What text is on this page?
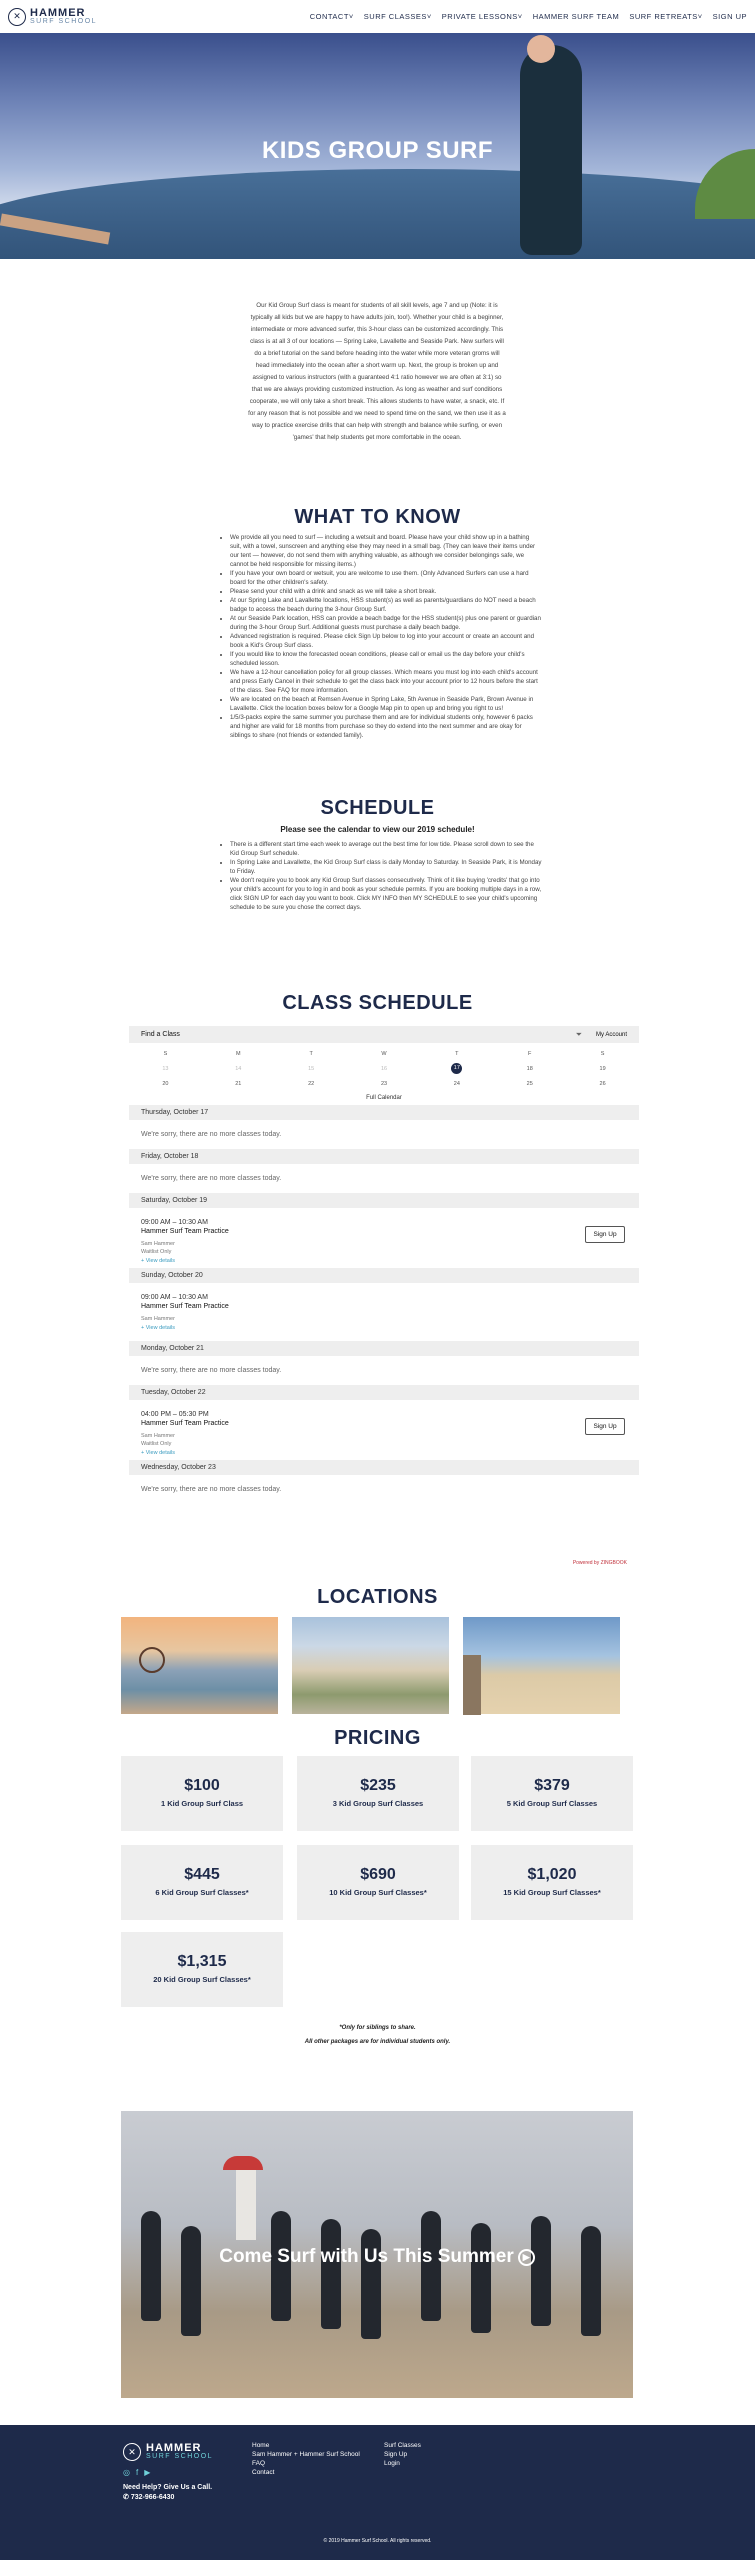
✕ HAMMER
SURF SCHOOL	CONTACT˅ SURF CLASSES˅ PRIVATE LESSONS˅ HAMMER SURF TEAM SURF RETREATS˅ SIGN UP
KIDS GROUP SURF

Our Kid Group Surf class is meant for students of all skill levels, age 7 and up (Note: it is typically all kids but we are happy to have adults join, too!). Whether your child is a beginner, intermediate or more advanced surfer, this 3-hour class can be customized accordingly. This class is at all 3 of our locations — Spring Lake, Lavallette and Seaside Park. New surfers will do a brief tutorial on the sand before heading into the water while more veteran groms will head immediately into the ocean after a short warm up. Next, the group is broken up and assigned to various instructors (with a guaranteed 4:1 ratio however we are often at 3:1) so that we are always providing customized instruction. As long as weather and surf conditions cooperate, we will only take a short break. This allows students to have water, a snack, etc. If for any reason that is not possible and we need to spend time on the sand, we then use it as a way to practice exercise drills that can help with strength and balance while surfing, or even 'games' that help students get more comfortable in the ocean.

WHAT TO KNOW
• We provide all you need to surf — including a wetsuit and board. Please have your child show up in a bathing suit, with a towel, sunscreen and anything else they may need in a small bag. (They can leave their items under our tent — however, do not send them with anything valuable, as although we consider belongings safe, we cannot be held responsible for missing items.)
• If you have your own board or wetsuit, you are welcome to use them. (Only Advanced Surfers can use a hard board for the other children's safety.
• Please send your child with a drink and snack as we will take a short break.
• At our Spring Lake and Lavallette locations, HSS student(s) as well as parents/guardians do NOT need a beach badge to access the beach during the 3-hour Group Surf.
• At our Seaside Park location, HSS can provide a beach badge for the HSS student(s) plus one parent or guardian during the 3-hour Group Surf. Additional guests must purchase a daily beach badge.
• Advanced registration is required. Please click Sign Up below to log into your account or create an account and book a Kid's Group Surf class.
• If you would like to know the forecasted ocean conditions, please call or email us the day before your child's scheduled lesson.
• We have a 12-hour cancellation policy for all group classes. Which means you must log into each child's account and press Early Cancel in their schedule to get the class back into your account prior to 12 hours before the start of the class. See FAQ for more information.
• We are located on the beach at Remsen Avenue in Spring Lake, 5th Avenue in Seaside Park, Brown Avenue in Lavallette. Click the location boxes below for a Google Map pin to open up and bring you right to us!
• 1/5/3-packs expire the same summer you purchase them and are for individual students only, however 6 packs and higher are valid for 18 months from purchase so they do extend into the next summer and are okay for siblings to share (not friends or extended family).
SCHEDULE
Please see the calendar to view our 2019 schedule!
• There is a different start time each week to average out the best time for low tide. Please scroll down to see the Kid Group Surf schedule.
• In Spring Lake and Lavallette, the Kid Group Surf class is daily Monday to Saturday. In Seaside Park, it is Monday to Friday.
• We don't require you to book any Kid Group Surf classes consecutively. Think of it like buying 'credits' that go into your child's account for you to log in and book as your schedule permits. If you are booking multiple days in a row, click SIGN UP for each day you want to book. Click MY INFO then MY SCHEDULE to see your child's upcoming schedule to be sure you chose the correct days.
CLASS SCHEDULE
Find a Class	⏷ My Account
S	M	T	W	T	F	S
13	14	15	16	17	18	19
20	21	22	23	24	25	26
Full Calendar
Thursday, October 17
We're sorry, there are no more classes today.
Friday, October 18
We're sorry, there are no more classes today.
Saturday, October 19
09:00 AM – 10:30 AM
Hammer Surf Team Practice
Sam Hammer
Waitlist Only
+ View details
Sign Up
Sunday, October 20
09:00 AM – 10:30 AM
Hammer Surf Team Practice
Sam Hammer
+ View details
Monday, October 21
We're sorry, there are no more classes today.
Tuesday, October 22
04:00 PM – 05:30 PM
Hammer Surf Team Practice
Sam Hammer
Waitlist Only
+ View details
Sign Up
Wednesday, October 23
We're sorry, there are no more classes today.
Powered by ZINGBOOK
LOCATIONS
PRICING
$100
1 Kid Group Surf Class
$235
3 Kid Group Surf Classes
$379
5 Kid Group Surf Classes
$445
6 Kid Group Surf Classes*
$690
10 Kid Group Surf Classes*
$1,020
15 Kid Group Surf Classes*
$1,315
20 Kid Group Surf Classes*
*Only for siblings to share.
All other packages are for individual students only.
Come Surf with Us This Summer ▶
✕ HAMMER
SURF SCHOOL
◎ f ▶
Need Help? Give Us a Call.
✆ 732-966-6430
Home
Sam Hammer + Hammer Surf School
FAQ
Contact
Surf Classes
Sign Up
Login
© 2019 Hammer Surf School. All rights reserved.
